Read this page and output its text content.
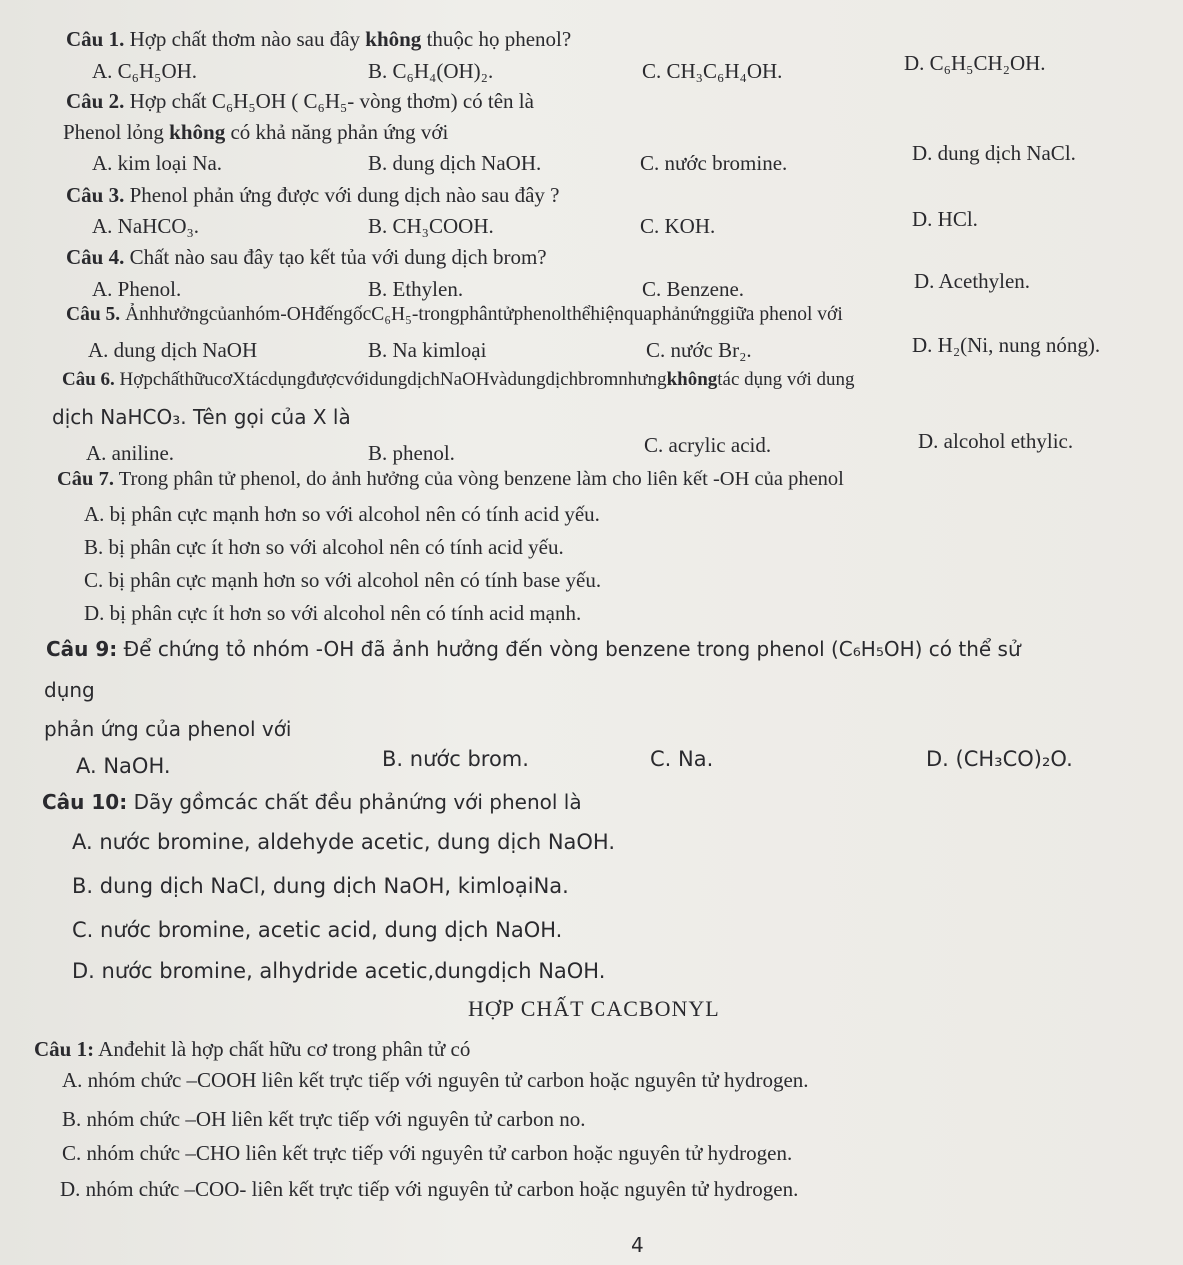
Câu 1. Hợp chất thơm nào sau đây không thuộc họ phenol?
A. C₆H₅OH.	B. C₆H₄(OH)₂.	C. CH₃C₆H₄OH.	D. C₆H₅CH₂OH.
Câu 2. Hợp chất C₆H₅OH ( C₆H₅- vòng thơm) có tên là
Phenol lỏng không có khả năng phản ứng với
A. kim loại Na.	B. dung dịch NaOH.	C. nước bromine.	D. dung dịch NaCl.
Câu 3. Phenol phản ứng được với dung dịch nào sau đây ?
A. NaHCO₃.	B. CH₃COOH.	C. KOH.	D. HCl.
Câu 4. Chất nào sau đây tạo kết tủa với dung dịch brom?
A. Phenol.	B. Ethylen.	C. Benzene.	D. Acethylen.
Câu 5. Ảnhhưởngcủanhóm-OHđếngốcC₆H₅-trongphântửphenolthểhiệnquaphảnứnggiữa phenol với
A. dung dịch NaOH	B. Na kimloại	C. nước Br₂.	D. H₂(Ni, nung nóng).
Câu 6. HợpchấthữucơXtácdụngđượcvớidungdịchNaOHvàdungdịchbromnhưngkhôngtác dụng với dung
dịch NaHCO₃. Tên gọi của X là
A. aniline.	B. phenol.	C. acrylic acid.	D. alcohol ethylic.
Câu 7. Trong phân tử phenol, do ảnh hưởng của vòng benzene làm cho liên kết -OH của phenol
A. bị phân cực mạnh hơn so với alcohol nên có tính acid yếu.
B. bị phân cực ít hơn so với alcohol nên có tính acid yếu.
C. bị phân cực mạnh hơn so với alcohol nên có tính base yếu.
D. bị phân cực ít hơn so với alcohol nên có tính acid mạnh.
Câu 9: Để chứng tỏ nhóm -OH đã ảnh hưởng đến vòng benzene trong phenol (C₆H₅OH) có thể sử
dụng
phản ứng của phenol với
A. NaOH.	B. nước brom.	C. Na.	D. (CH₃CO)₂O.
Câu 10: Dãy gồmcác chất đều phảnứng với phenol là
A. nước bromine, aldehyde acetic, dung dịch NaOH.
B. dung dịch NaCl, dung dịch NaOH, kimloạiNa.
C. nước bromine, acetic acid, dung dịch NaOH.
D. nước bromine, alhydride acetic,dungdịch NaOH.
HỢP CHẤT CACBONYL
Câu 1: Anđehit là hợp chất hữu cơ trong phân tử có
A. nhóm chức –COOH liên kết trực tiếp với nguyên tử carbon hoặc nguyên tử hydrogen.
B. nhóm chức –OH liên kết trực tiếp với nguyên tử carbon no.
C. nhóm chức –CHO liên kết trực tiếp với nguyên tử carbon hoặc nguyên tử hydrogen.
D. nhóm chức –COO- liên kết trực tiếp với nguyên tử carbon hoặc nguyên tử hydrogen.
4
